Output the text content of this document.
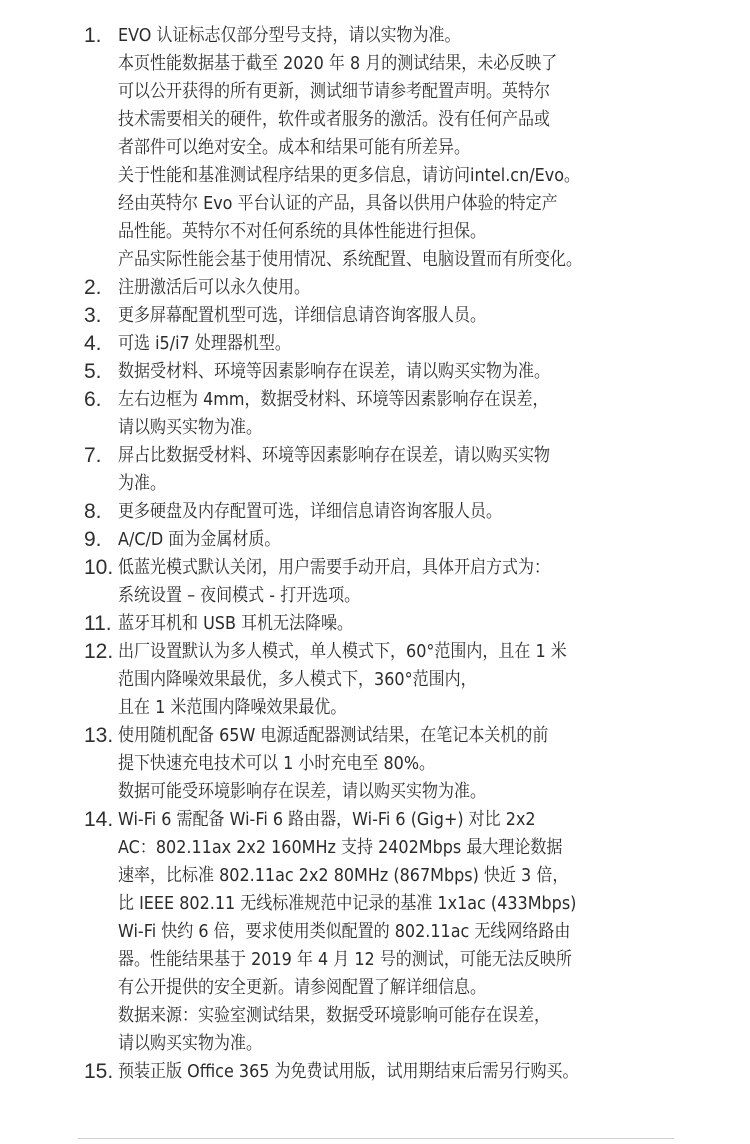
1. EVO 认证标志仅部分型号支持，请以实物为准。
本页性能数据基于截至 2020 年 8 月的测试结果，未必反映了
可以公开获得的所有更新，测试细节请参考配置声明。英特尔
技术需要相关的硬件，软件或者服务的激活。没有任何产品或
者部件可以绝对安全。成本和结果可能有所差异。
关于性能和基准测试程序结果的更多信息，请访问intel.cn/Evo。
经由英特尔 Evo 平台认证的产品，具备以供用户体验的特定产
品性能。英特尔不对任何系统的具体性能进行担保。
产品实际性能会基于使用情况、系统配置、电脑设置而有所变化。
2. 注册激活后可以永久使用。
3. 更多屏幕配置机型可选，详细信息请咨询客服人员。
4. 可选 i5/i7 处理器机型。
5. 数据受材料、环境等因素影响存在误差，请以购买实物为准。
6. 左右边框为 4mm，数据受材料、环境等因素影响存在误差，
请以购买实物为准。
7. 屏占比数据受材料、环境等因素影响存在误差，请以购买实物
为准。
8. 更多硬盘及内存配置可选，详细信息请咨询客服人员。
9. A/C/D 面为金属材质。
10. 低蓝光模式默认关闭，用户需要手动开启，具体开启方式为：
系统设置 – 夜间模式 - 打开选项。
11. 蓝牙耳机和 USB 耳机无法降噪。
12. 出厂设置默认为多人模式，单人模式下，60°范围内，且在 1 米
范围内降噪效果最优，多人模式下，360°范围内，
且在 1 米范围内降噪效果最优。
13. 使用随机配备 65W 电源适配器测试结果，在笔记本关机的前
提下快速充电技术可以 1 小时充电至 80%。
数据可能受环境影响存在误差，请以购买实物为准。
14. Wi-Fi 6 需配备 Wi-Fi 6 路由器，Wi-Fi 6 (Gig+) 对比 2x2
AC：802.11ax 2x2 160MHz 支持 2402Mbps 最大理论数据
速率，比标准 802.11ac 2x2 80MHz (867Mbps) 快近 3 倍，
比 IEEE 802.11 无线标准规范中记录的基准 1x1ac (433Mbps)
Wi-Fi 快约 6 倍，要求使用类似配置的 802.11ac 无线网络路由
器。性能结果基于 2019 年 4 月 12 号的测试，可能无法反映所
有公开提供的安全更新。请参阅配置了解详细信息。
数据来源：实验室测试结果，数据受环境影响可能存在误差，
请以购买实物为准。
15. 预装正版 Office 365 为免费试用版，试用期结束后需另行购买。
